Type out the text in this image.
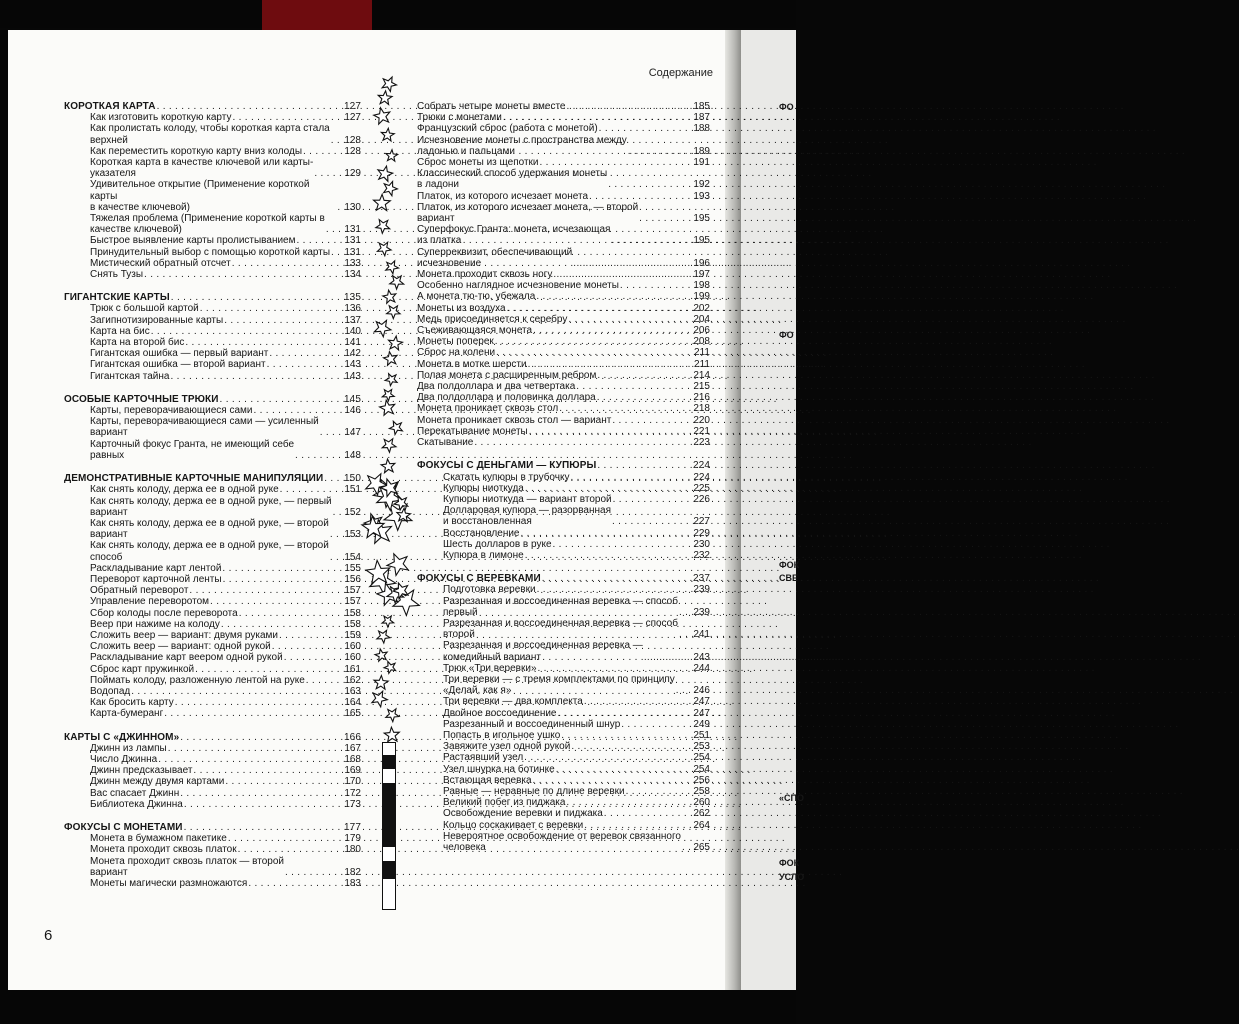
ФО
ФО
ФОК
СВЕ
«СПО
ФОК
УСЛО
Содержание
КОРОТКАЯ КАРТА . . .	127
Как изготовить короткую карту . . .	127
Как пролистать колоду, чтобы короткая карта стала
верхней . . .	128
Как переместить короткую карту вниз колоды . . .	128
Короткая карта в качестве ключевой или карты-
указателя . . .	129
Удивительное открытие (Применение короткой карты
в качестве ключевой) . . .	130
Тяжелая проблема (Применение короткой карты в
качестве ключевой) . . .	131
Быстрое выявление карты пролистыванием . . .	131
Принудительный выбор с помощью короткой карты . . . 131
Мистический обратный отсчет . . .	133
Снять Тузы . . .	134
ГИГАНТСКИЕ КАРТЫ . . .	135
Трюк с большой картой . . .	136
Загипнотизированные карты . . .	137
Карта на бис . . .	140
Карта на второй бис . . .	141
Гигантская ошибка — первый вариант . . .	142
Гигантская ошибка — второй вариант . . .	143
Гигантская тайна . . .	143
ОСОБЫЕ КАРТОЧНЫЕ ТРЮКИ . . .	145
Карты, переворачивающиеся сами . . .	146
Карты, переворачивающиеся сами — усиленный
вариант . . .	147
Карточный фокус Гранта, не имеющий себе
равных . . .	148
ДЕМОНСТРАТИВНЫЕ КАРТОЧНЫЕ МАНИПУЛЯЦИИ . . . 150
Как снять колоду, держа ее в одной руке . . .	151
Как снять колоду, держа ее в одной руке, — первый
вариант . . .	152
Как снять колоду, держа ее в одной руке, — второй
вариант . . .	153
Как снять колоду, держа ее в одной руке, — второй
способ . . .	154
Раскладывание карт лентой . . .	155
Переворот карточной ленты . . .	156
Обратный переворот . . .	157
Управление переворотом . . .	157
Сбор колоды после переворота . . .	158
Веер при нажиме на колоду . . .	158
Сложить веер — вариант: двумя руками . . .	159
Сложить веер — вариант: одной рукой . . .	160
Раскладывание карт веером одной рукой . . .	160
Сброс карт пружинкой . . .	161
Поймать колоду, разложенную лентой на руке . . .	162
Водопад . . .	163
Как бросить карту . . .	164
Карта-бумеранг . . .	165
КАРТЫ С «ДЖИННОМ» . . .	166
Джинн из лампы . . .	167
Число Джинна . . .	168
Джинн предсказывает . . .	169
Джинн между двумя картами . . .	170
Вас спасает Джинн . . .	172
Библиотека Джинна . . .	173
ФОКУСЫ С МОНЕТАМИ . . .	177
Монета в бумажном пакетике . . .	179
Монета проходит сквозь платок . . .	180
Монета проходит сквозь платок — второй
вариант . . .	182
Монеты магически размножаются . . .	183
Собрать четыре монеты вместе . . .	185
Трюки с монетами . . .	187
Французский сброс (работа с монетой) . . .	188
Исчезновение монеты с пространства между
ладонью и пальцами . . .	189
Сброс монеты из щепотки . . .	191
Классический способ удержания монеты
в ладони . . .	192
Платок, из которого исчезает монета . . .	193
Платок, из которого исчезает монета, — второй
вариант . . .	195
Суперфокус Гранта: монета, исчезающая
из платка . . .	195
Суперреквизит, обеспечивающий
исчезновение . . .	196
Монета проходит сквозь ногу . . .	197
Особенно наглядное исчезновение монеты . . .	198
А монета тю-тю, убежала . . .	199
Монеты из воздуха . . .	202
Медь присоединяется к серебру . . .	204
Съеживающаяся монета . . .	206
Монеты поперек . . .	208
Сброс на колени . . .	211
Монета в мотке шерсти . . .	211
Полая монета с расширенным ребром . . .	214
Два полдоллара и два четвертака . . .	215
Два полдоллара и половинка доллара . . .	216
Монета проникает сквозь стол . . .	218
Монета проникает сквозь стол — вариант . . .	220
Перекатывание монеты . . .	221
Скатывание . . .	223
ФОКУСЫ С ДЕНЬГАМИ — КУПЮРЫ . . .	224
Скатать купюры в трубочку . . .	224
Купюры ниоткуда . . .	225
Купюры ниоткуда — вариант второй . . .	226
Долларовая купюра — разорванная
и восстановленная . . .	227
Восстановление . . .	229
Шесть долларов в руке . . .	230
Купюра в лимоне . . .	232
ФОКУСЫ С ВЕРЕВКАМИ . . .	237
Подготовка веревки . . .	239
Разрезанная и воссоединенная веревка — способ
первый . . .	239
Разрезанная и воссоединенная веревка — способ
второй . . .	241
Разрезанная и воссоединенная веревка —
комедийный вариант . . .	243
Трюк «Три веревки» . . .	244
Три веревки — с тремя комплектами по принципу
«Делай, как я» . . .	246
Три веревки — два комплекта . . .	247
Двойное воссоединение . . .	247
Разрезанный и воссоединенный шнур . . .	249
Попасть в игольное ушко . . .	251
Завяжите узел одной рукой . . .	253
Растаявший узел . . .	254
Узел шнурка на ботинке . . .	254
Встающая веревка . . .	256
Равные — неравные по длине веревки . . .	258
Великий побег из пиджака . . .	260
Освобождение веревки и пиджака . . .	262
Кольцо соскакивает с веревки . . .	264
Невероятное освобождение от веревок связанного
человека . . .	265
6
